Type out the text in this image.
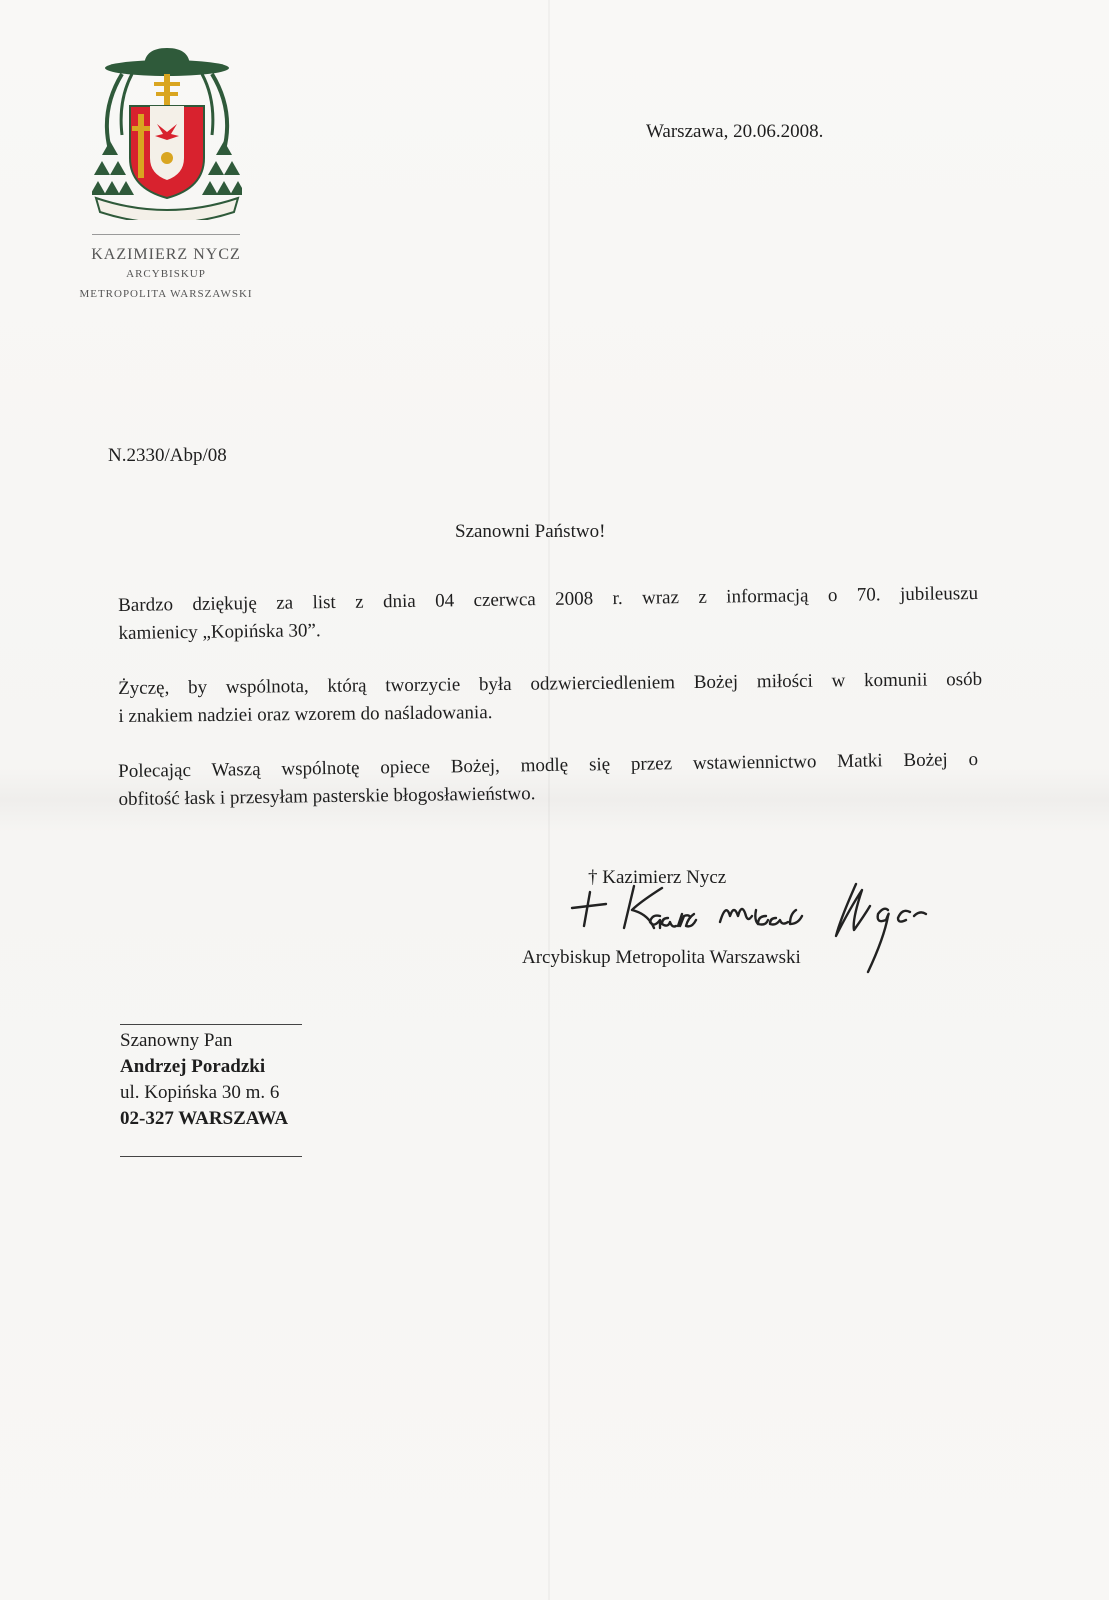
KAZIMIERZ NYCZ
ARCYBISKUP
METROPOLITA WARSZAWSKI
Warszawa, 20.06.2008.
N.2330/Abp/08
Szanowni Państwo!
Bardzo dziękuję za list z dnia 04 czerwca 2008 r. wraz z informacją o 70. jubileuszu
kamienicy „Kopińska 30”.
Życzę, by wspólnota, którą tworzycie była odzwierciedleniem Bożej miłości w komunii osób
i znakiem nadziei oraz wzorem do naśladowania.
Polecając Waszą wspólnotę opiece Bożej, modlę się przez wstawiennictwo Matki Bożej o
obfitość łask i przesyłam pasterskie błogosławieństwo.
† Kazimierz Nycz
Arcybiskup Metropolita Warszawski
Szanowny Pan
Andrzej Poradzki
ul. Kopińska 30 m. 6
02-327 WARSZAWA
